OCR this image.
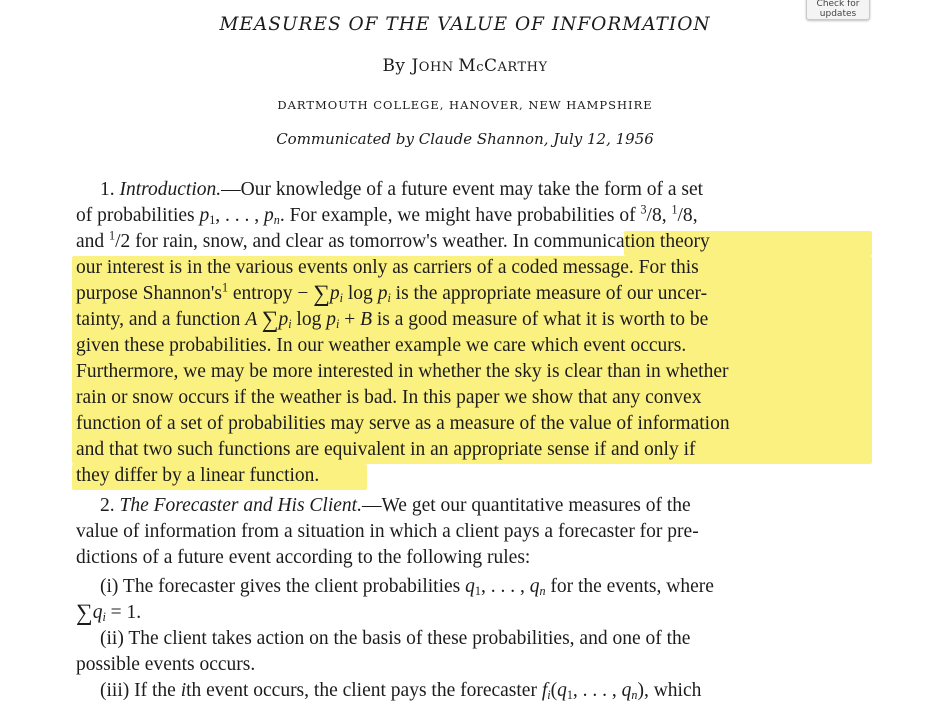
Check for
updates
MEASURES OF THE VALUE OF INFORMATION
By JOHN McCARTHY
DARTMOUTH COLLEGE, HANOVER, NEW HAMPSHIRE
Communicated by Claude Shannon, July 12, 1956
1. Introduction.—Our knowledge of a future event may take the form of a set
of probabilities $p_1$, . . . , $p_n$. For example, we might have probabilities of $^3$/8, $^1$/8,
and $^1$/2 for rain, snow, and clear as tomorrow's weather. In communication theory
our interest is in the various events only as carriers of a coded message. For this
purpose $Shannon's^1$ entropy − $\sum p_i$ $\log p_i$ is the appropriate measure of our uncer-
tainty, and a function A $\sum p_i$ $\log p_i + B$ is a good measure of what it is worth to be
given these probabilities. In our weather example we care which event occurs.
Furthermore, we may be more interested in whether the sky is clear than in whether
rain or snow occurs if the weather is bad. In this paper we show that any convex
function of a set of probabilities may serve as a measure of the value of information
and that two such functions are equivalent in an appropriate sense if and only if
they differ by a linear function.
2. The Forecaster and His Client.—We get our quantitative measures of the
value of information from a situation in which a client pays a forecaster for pre-
dictions of a future event according to the following rules:
(i) The forecaster gives the client probabilities $q_1$, . . . , $q_n$ for the events, where
$\sum q_i = 1$.
(ii) The client takes action on the basis of these probabilities, and one of the
possible events occurs.
(iii) If the ith event occurs, the client pays the forecaster $f_i(q_1$, . . . , $q_n$), which
